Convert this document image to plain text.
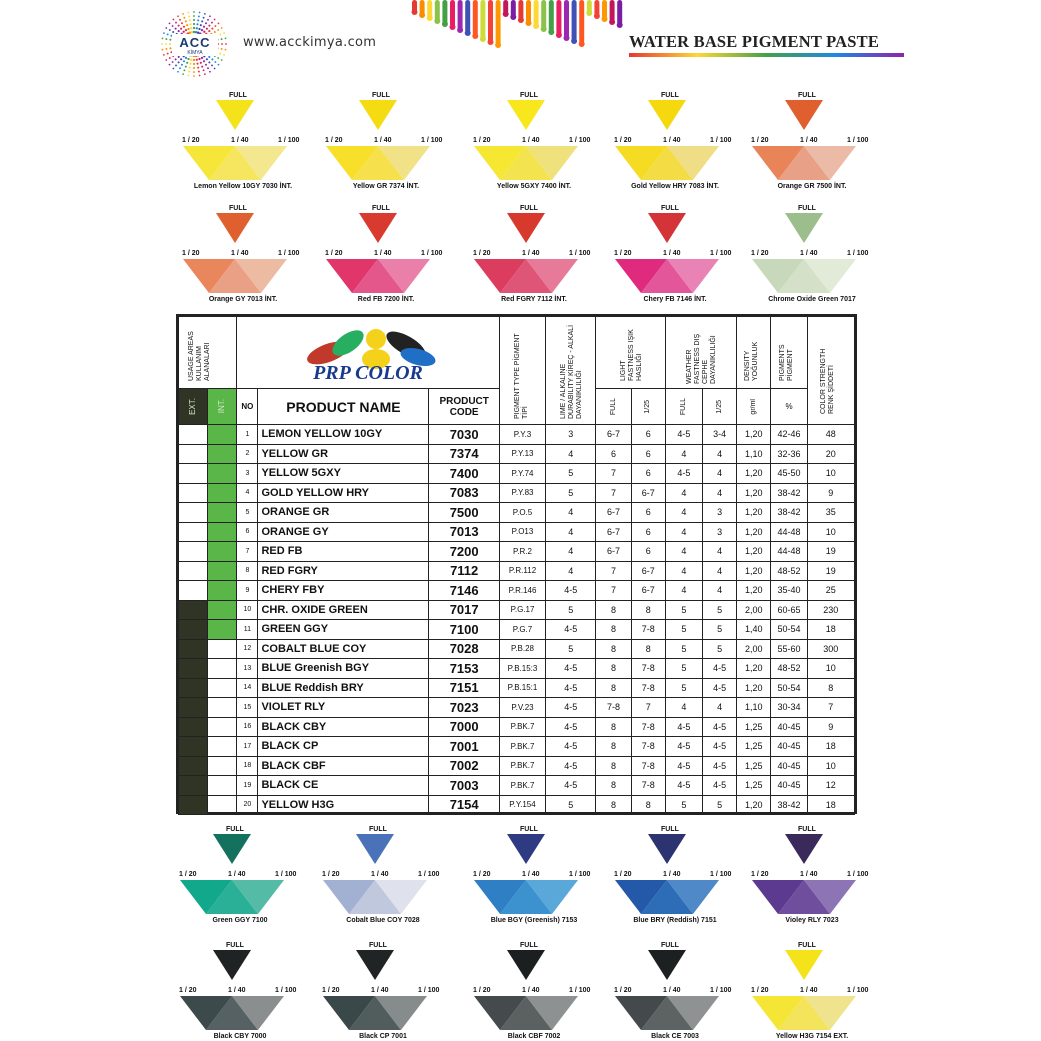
ACC
KİMYA
www.acckimya.com	WATER BASE PIGMENT PASTE
FULL
1 / 20	1 / 40	1 / 100
Lemon Yellow 10GY 7030 İNT.
FULL
1 / 20	1 / 40	1 / 100
Yellow GR 7374 İNT.
FULL
1 / 20	1 / 40	1 / 100
Yellow 5GXY 7400 İNT.
FULL
1 / 20	1 / 40	1 / 100
Gold Yellow HRY 7083 İNT.
FULL
1 / 20	1 / 40	1 / 100
Orange GR 7500 İNT.
FULL
1 / 20	1 / 40	1 / 100
Orange GY 7013 İNT.
FULL
1 / 20	1 / 40	1 / 100
Red FB 7200 İNT.
FULL
1 / 20	1 / 40	1 / 100
Red FGRY 7112 İNT.
FULL
1 / 20	1 / 40	1 / 100
Chery FB 7146 İNT.
FULL
1 / 20	1 / 40	1 / 100
Chrome Oxide Green 7017
FULL
1 / 20	1 / 40	1 / 100
Green GGY 7100
FULL
1 / 20	1 / 40	1 / 100
Cobalt Blue COY 7028
FULL
1 / 20	1 / 40	1 / 100
Blue BGY (Greenish) 7153
FULL
1 / 20	1 / 40	1 / 100
Blue BRY (Reddish) 7151
FULL
1 / 20	1 / 40	1 / 100
Violey RLY 7023
FULL
1 / 20	1 / 40	1 / 100
Black CBY 7000
FULL
1 / 20	1 / 40	1 / 100
Black CP 7001
FULL
1 / 20	1 / 40	1 / 100
Black CBF 7002
FULL
1 / 20	1 / 40	1 / 100
Black CE 7003
FULL
1 / 20	1 / 40	1 / 100
Yellow H3G 7154 EXT.
USAGE AREAS KULLANIM ALANALARI		PRP COLOR			PIGMENT TYPE PİGMENT TİPİ	LIME / ALKALINE DURABILITY KİREÇ - ALKALİ DAYANIKLILIĞI	LIGHT FASTNESS IŞIK HASLIĞI		WEATHER FASTNESS DIŞ CEPHE DAYANIKLILIĞI		DENSITY YOĞUNLUK	PIGMENTS PİGMENT	COLOR STRENGTH RENK ŞİDDETİ

EXT.	INT.	NO	PRODUCT NAME	PRODUCT
CODE			FULL	1/25	FULL	1/25	gr/ml	%	
		1	LEMON YELLOW 10GY	7030	P.Y.3	3	6-7	6	4-5	3-4	1,20	42-46	48
		2	YELLOW GR	7374	P.Y.13	4	6	6	4	4	1,10	32-36	20
		3	YELLOW 5GXY	7400	P.Y.74	5	7	6	4-5	4	1,20	45-50	10
		4	GOLD YELLOW HRY	7083	P.Y.83	5	7	6-7	4	4	1,20	38-42	9
		5	ORANGE GR	7500	P.O.5	4	6-7	6	4	3	1,20	38-42	35
		6	ORANGE GY	7013	P.O13	4	6-7	6	4	3	1,20	44-48	10
		7	RED FB	7200	P.R.2	4	6-7	6	4	4	1,20	44-48	19
		8	RED FGRY	7112	P.R.112	4	7	6-7	4	4	1,20	48-52	19
		9	CHERY FBY	7146	P.R.146	4-5	7	6-7	4	4	1,20	35-40	25
		10	CHR. OXIDE GREEN	7017	P.G.17	5	8	8	5	5	2,00	60-65	230
		11	GREEN GGY	7100	P.G.7	4-5	8	7-8	5	5	1,40	50-54	18
		12	COBALT BLUE COY	7028	P.B.28	5	8	8	5	5	2,00	55-60	300
		13	BLUE Greenish BGY	7153	P.B.15:3	4-5	8	7-8	5	4-5	1,20	48-52	10
		14	BLUE Reddish BRY	7151	P.B.15:1	4-5	8	7-8	5	4-5	1,20	50-54	8
		15	VIOLET RLY	7023	P.V.23	4-5	7-8	7	4	4	1,10	30-34	7
		16	BLACK CBY	7000	P.BK.7	4-5	8	7-8	4-5	4-5	1,25	40-45	9
		17	BLACK CP	7001	P.BK.7	4-5	8	7-8	4-5	4-5	1,25	40-45	18
		18	BLACK CBF	7002	P.BK.7	4-5	8	7-8	4-5	4-5	1,25	40-45	10
		19	BLACK CE	7003	P.BK.7	4-5	8	7-8	4-5	4-5	1,25	40-45	12
		20	YELLOW H3G	7154	P.Y.154	5	8	8	5	5	1,20	38-42	18
